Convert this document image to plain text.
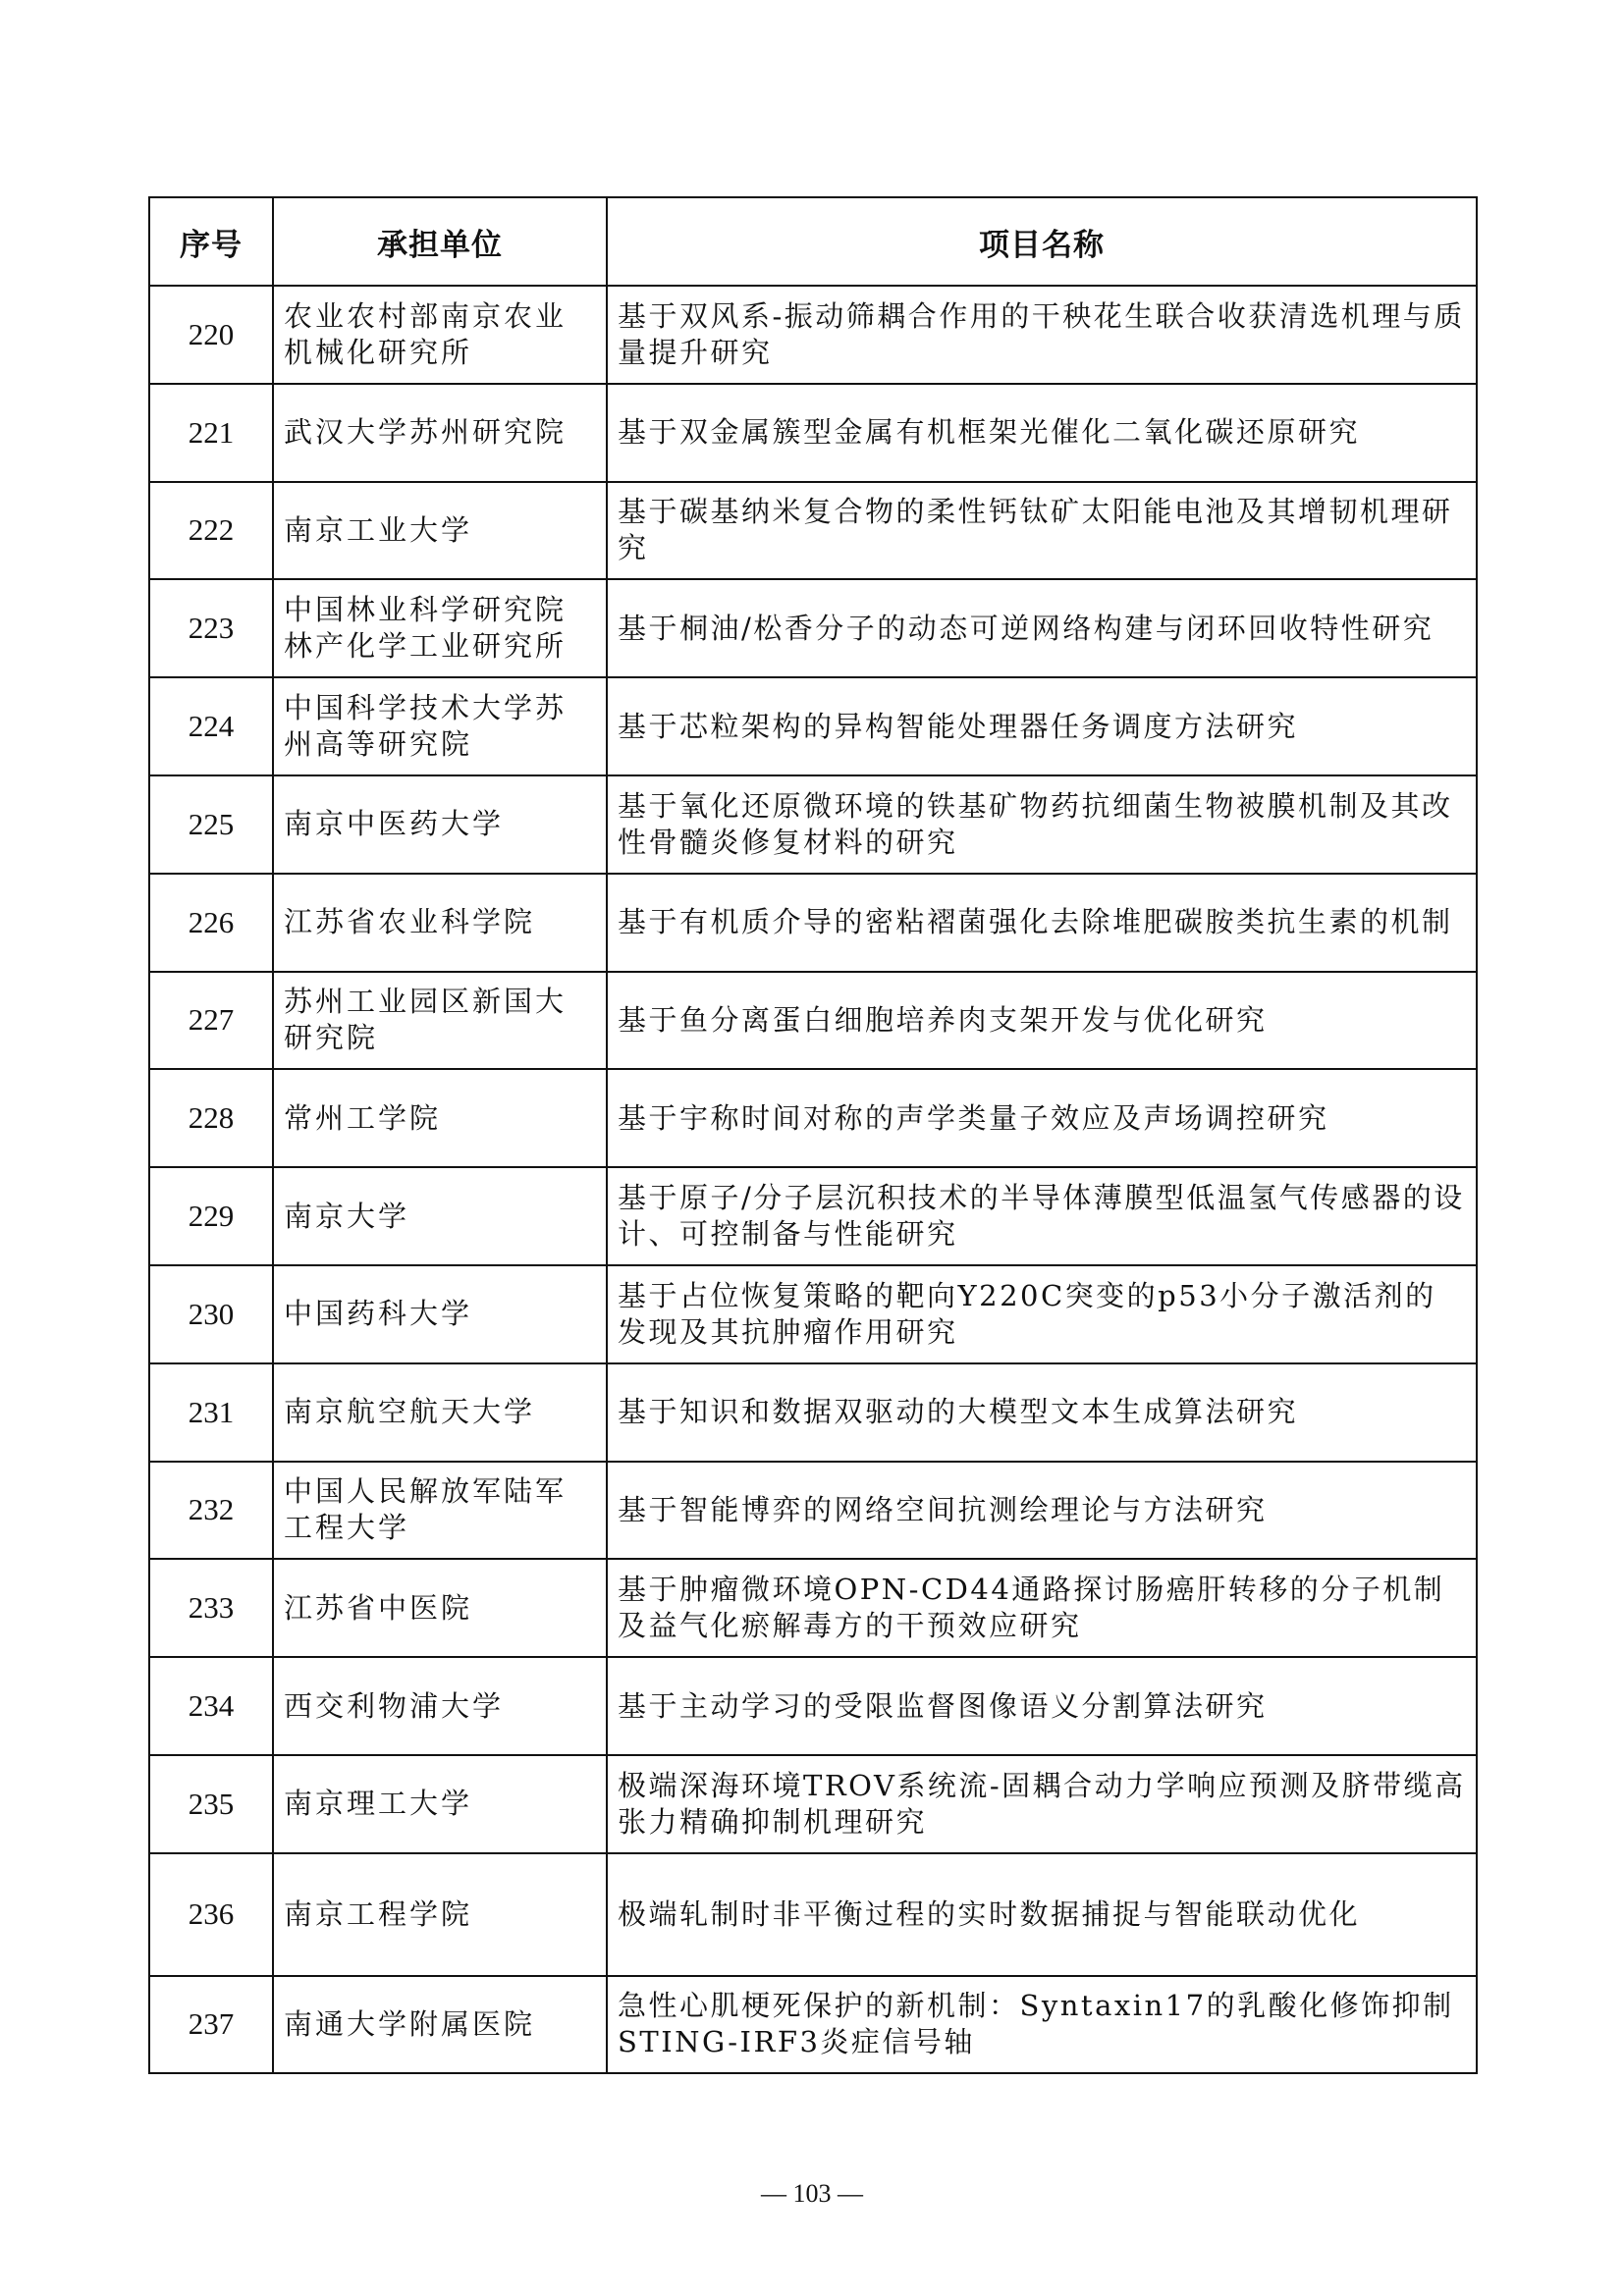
序号	承担单位	项目名称
220	农业农村部南京农业机械化研究所	基于双风系-振动筛耦合作用的干秧花生联合收获清选机理与质量提升研究
221	武汉大学苏州研究院	基于双金属簇型金属有机框架光催化二氧化碳还原研究
222	南京工业大学	基于碳基纳米复合物的柔性钙钛矿太阳能电池及其增韧机理研究
223	中国林业科学研究院林产化学工业研究所	基于桐油/松香分子的动态可逆网络构建与闭环回收特性研究
224	中国科学技术大学苏州高等研究院	基于芯粒架构的异构智能处理器任务调度方法研究
225	南京中医药大学	基于氧化还原微环境的铁基矿物药抗细菌生物被膜机制及其改性骨髓炎修复材料的研究
226	江苏省农业科学院	基于有机质介导的密粘褶菌强化去除堆肥碳胺类抗生素的机制
227	苏州工业园区新国大研究院	基于鱼分离蛋白细胞培养肉支架开发与优化研究
228	常州工学院	基于宇称时间对称的声学类量子效应及声场调控研究
229	南京大学	基于原子/分子层沉积技术的半导体薄膜型低温氢气传感器的设计、可控制备与性能研究
230	中国药科大学	基于占位恢复策略的靶向Y220C突变的p53小分子激活剂的发现及其抗肿瘤作用研究
231	南京航空航天大学	基于知识和数据双驱动的大模型文本生成算法研究
232	中国人民解放军陆军工程大学	基于智能博弈的网络空间抗测绘理论与方法研究
233	江苏省中医院	基于肿瘤微环境OPN-CD44通路探讨肠癌肝转移的分子机制及益气化瘀解毒方的干预效应研究
234	西交利物浦大学	基于主动学习的受限监督图像语义分割算法研究
235	南京理工大学	极端深海环境TROV系统流-固耦合动力学响应预测及脐带缆高张力精确抑制机理研究
236	南京工程学院	极端轧制时非平衡过程的实时数据捕捉与智能联动优化
237	南通大学附属医院	急性心肌梗死保护的新机制：Syntaxin17的乳酸化修饰抑制STING-IRF3炎症信号轴
— 103 —
